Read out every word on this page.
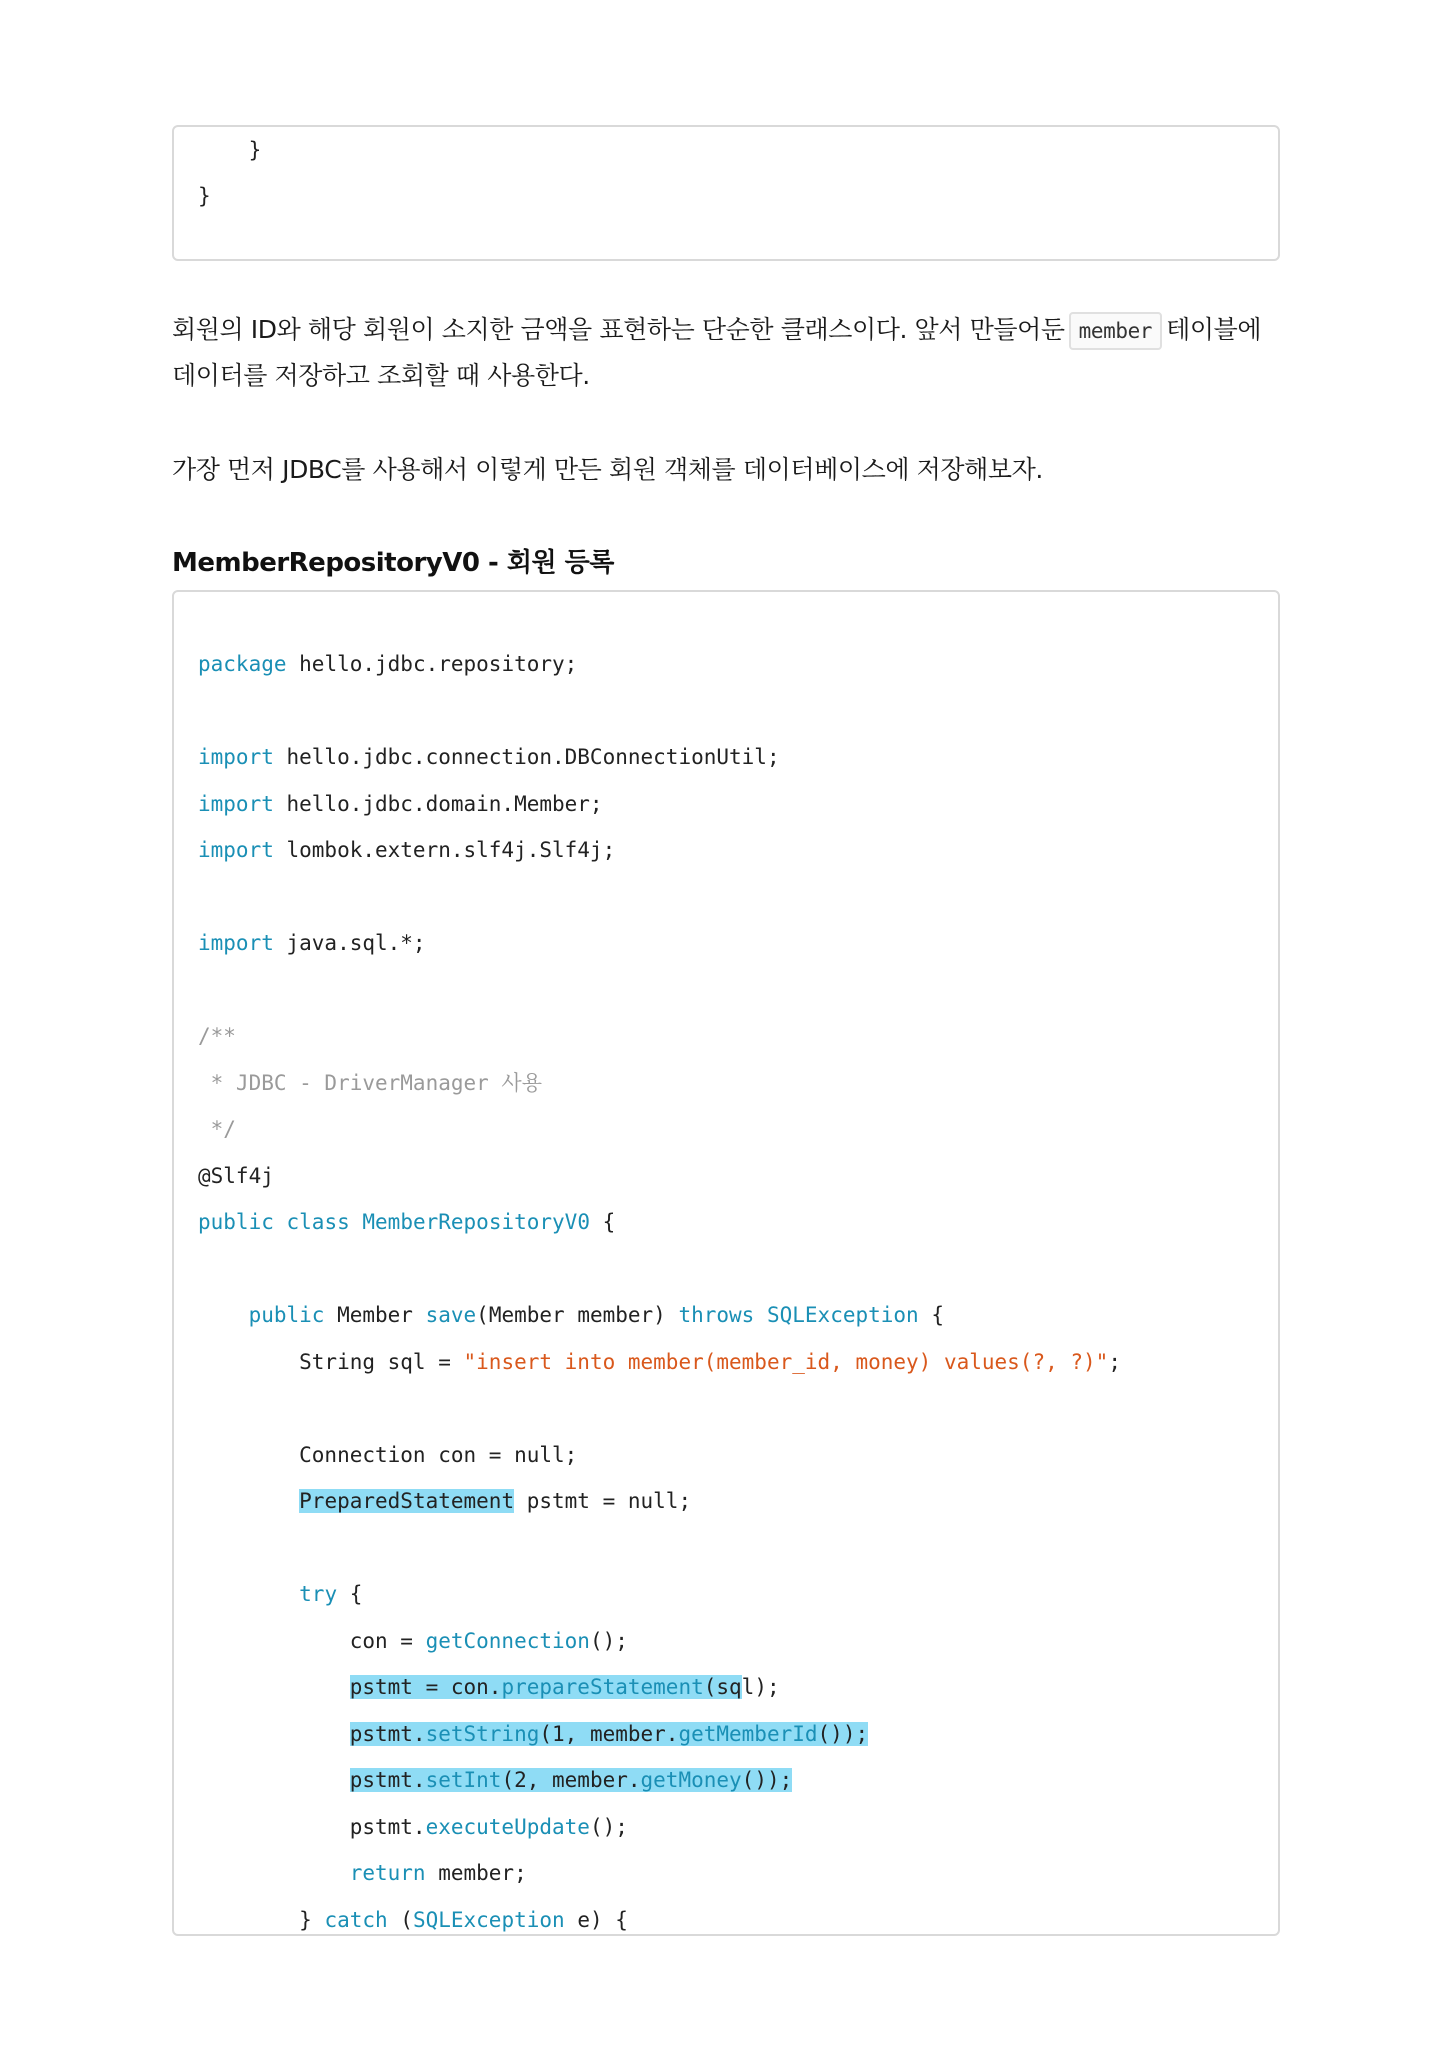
}
}
회원의 ID와 해당 회원이 소지한 금액을 표현하는 단순한 클래스이다. 앞서 만들어둔 member 테이블에
데이터를 저장하고 조회할 때 사용한다.
가장 먼저 JDBC를 사용해서 이렇게 만든 회원 객체를 데이터베이스에 저장해보자.
MemberRepositoryV0 - 회원 등록
package hello.jdbc.repository;
import hello.jdbc.connection.DBConnectionUtil;
import hello.jdbc.domain.Member;
import lombok.extern.slf4j.Slf4j;
import java.sql.*;
/**
* JDBC - DriverManager 사용
*/
@Slf4j
public class MemberRepositoryV0 {
public Member save(Member member) throws SQLException {
String sql = "insert into member(member_id, money) values(?, ?)";
Connection con = null;
PreparedStatement pstmt = null;
try {
con = getConnection();
pstmt = con.prepareStatement(sql);
pstmt.setString(1, member.getMemberId());
pstmt.setInt(2, member.getMoney());
pstmt.executeUpdate();
return member;
} catch (SQLException e) {
